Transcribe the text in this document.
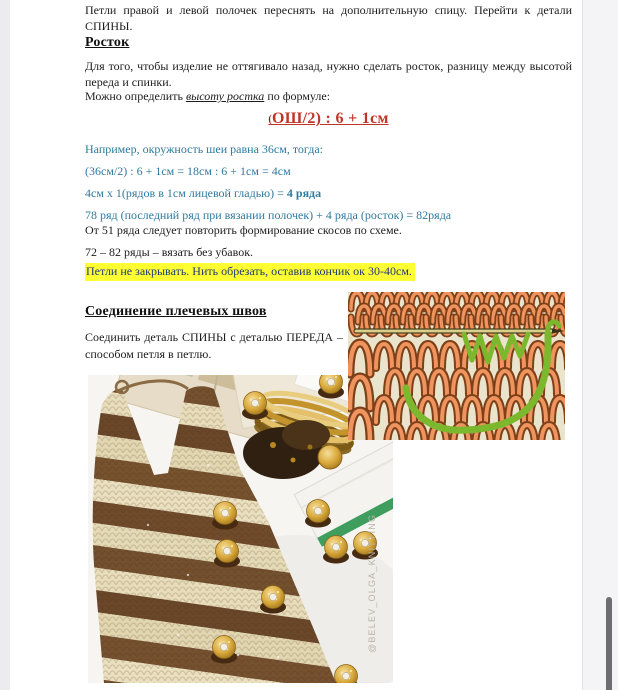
Петли правой и левой полочек переснять на дополнительную спицу. Перейти к детали СПИНЫ.
Росток
Для того, чтобы изделие не оттягивало назад, нужно сделать росток, разницу между высотой переда и спинки.
Можно определить высоту ростка по формуле:
(ОШ/2) : 6 + 1см
Например, окружность шеи равна 36см, тогда:
(36см/2) : 6 + 1см = 18см : 6 + 1см = 4см
4см х 1(рядов в 1см лицевой гладью) = 4 ряда
78 ряд (последний ряд при вязании полочек) + 4 ряда (росток) = 82ряда
От 51 ряда следует повторить формирование скосов по схеме.
72 – 82 ряды – вязать без убавок.
Петли не закрывать. Нить обрезать, оставив кончик ок 30-40см.
Соединение плечевых швов
Соединить деталь СПИНЫ с деталью ПЕРЕДА – способом петля в петлю.
@BELEV_OLGA_KNITTING
